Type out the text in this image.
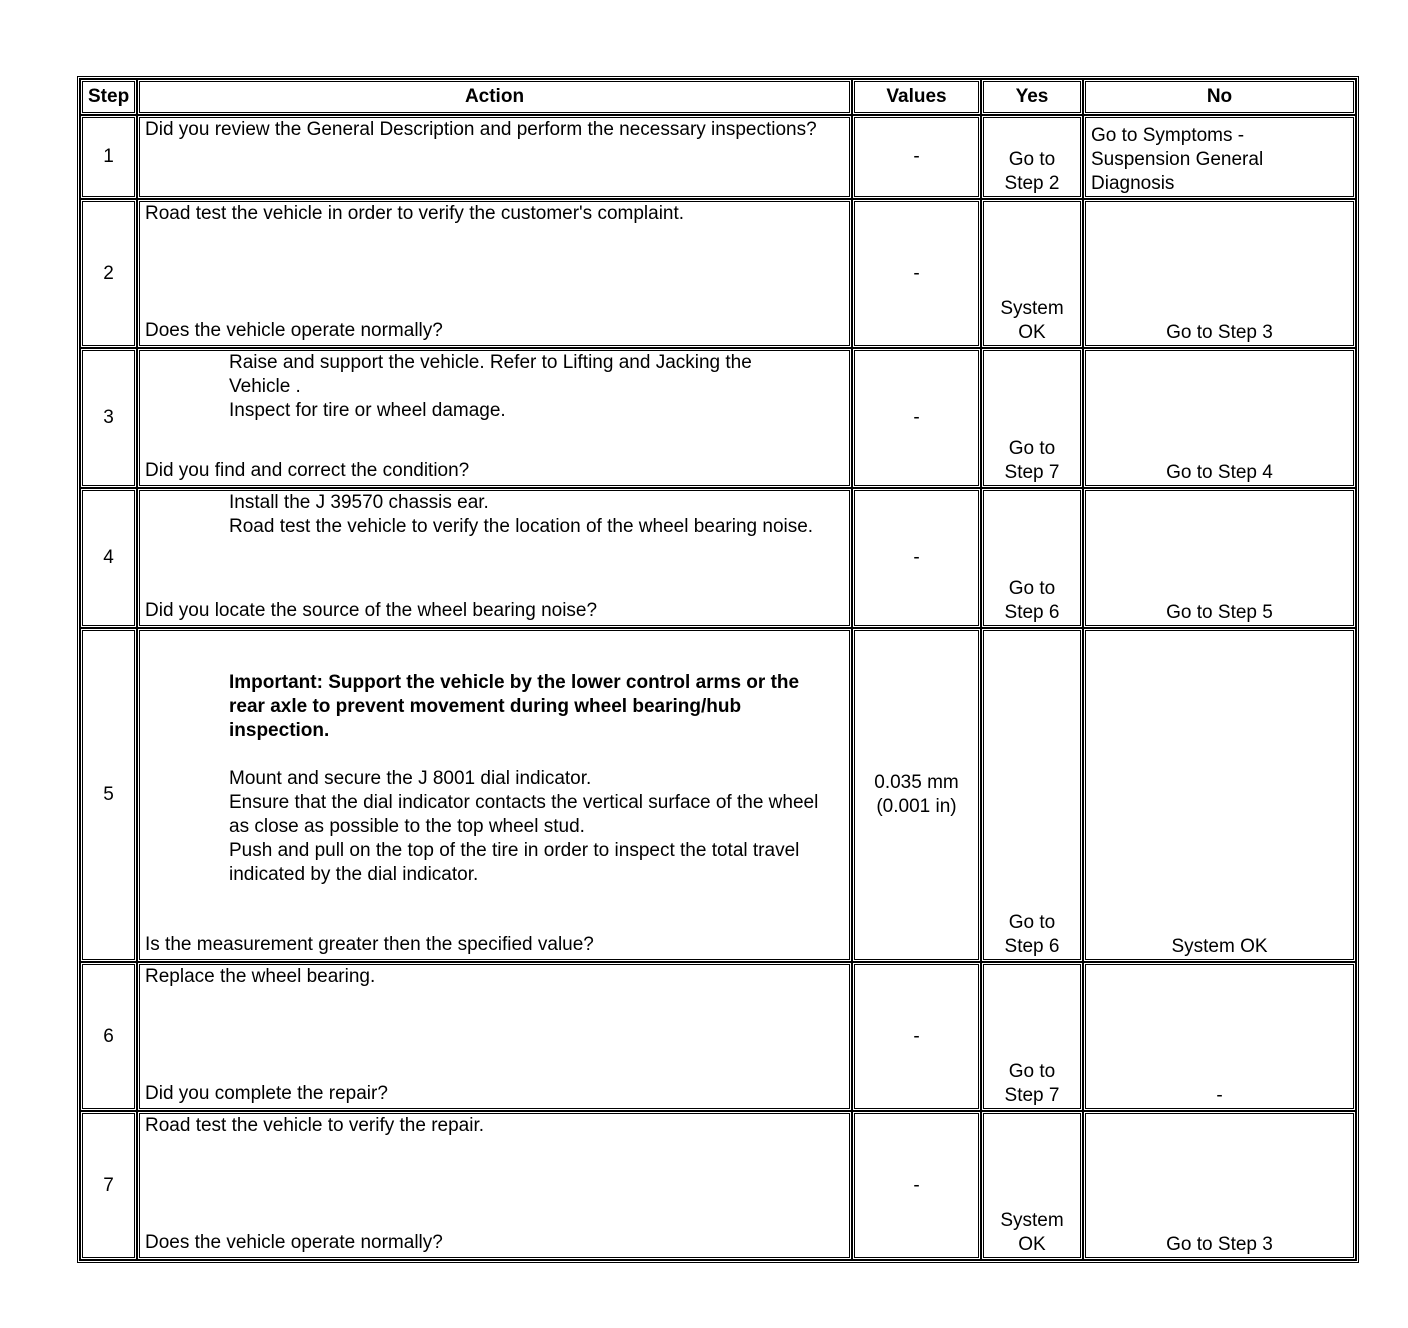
Step	Action	Values	Yes	No
1	Did you review the General Description and perform the necessary inspections?	-	Go to Step 2	Go to Symptoms - Suspension General Diagnosis
2	Road test the vehicle in order to verify the customer's complaint.
Does the vehicle operate normally?	-	System OK	Go to Step 3
3	Raise and support the vehicle. Refer to Lifting and Jacking the Vehicle .
Inspect for tire or wheel damage.
Did you find and correct the condition?	-	Go to Step 7	Go to Step 4
4	Install the J 39570 chassis ear.
Road test the vehicle to verify the location of the wheel bearing noise.
Did you locate the source of the wheel bearing noise?	-	Go to Step 6	Go to Step 5
5	Important: Support the vehicle by the lower control arms or the rear axle to prevent movement during wheel bearing/hub inspection.
Mount and secure the J 8001 dial indicator.
Ensure that the dial indicator contacts the vertical surface of the wheel as close as possible to the top wheel stud.
Push and pull on the top of the tire in order to inspect the total travel indicated by the dial indicator.
Is the measurement greater then the specified value?	0.035 mm (0.001 in)	Go to Step 6	System OK
6	Replace the wheel bearing.
Did you complete the repair?	-	Go to Step 7	-
7	Road test the vehicle to verify the repair.
Does the vehicle operate normally?	-	System OK	Go to Step 3
